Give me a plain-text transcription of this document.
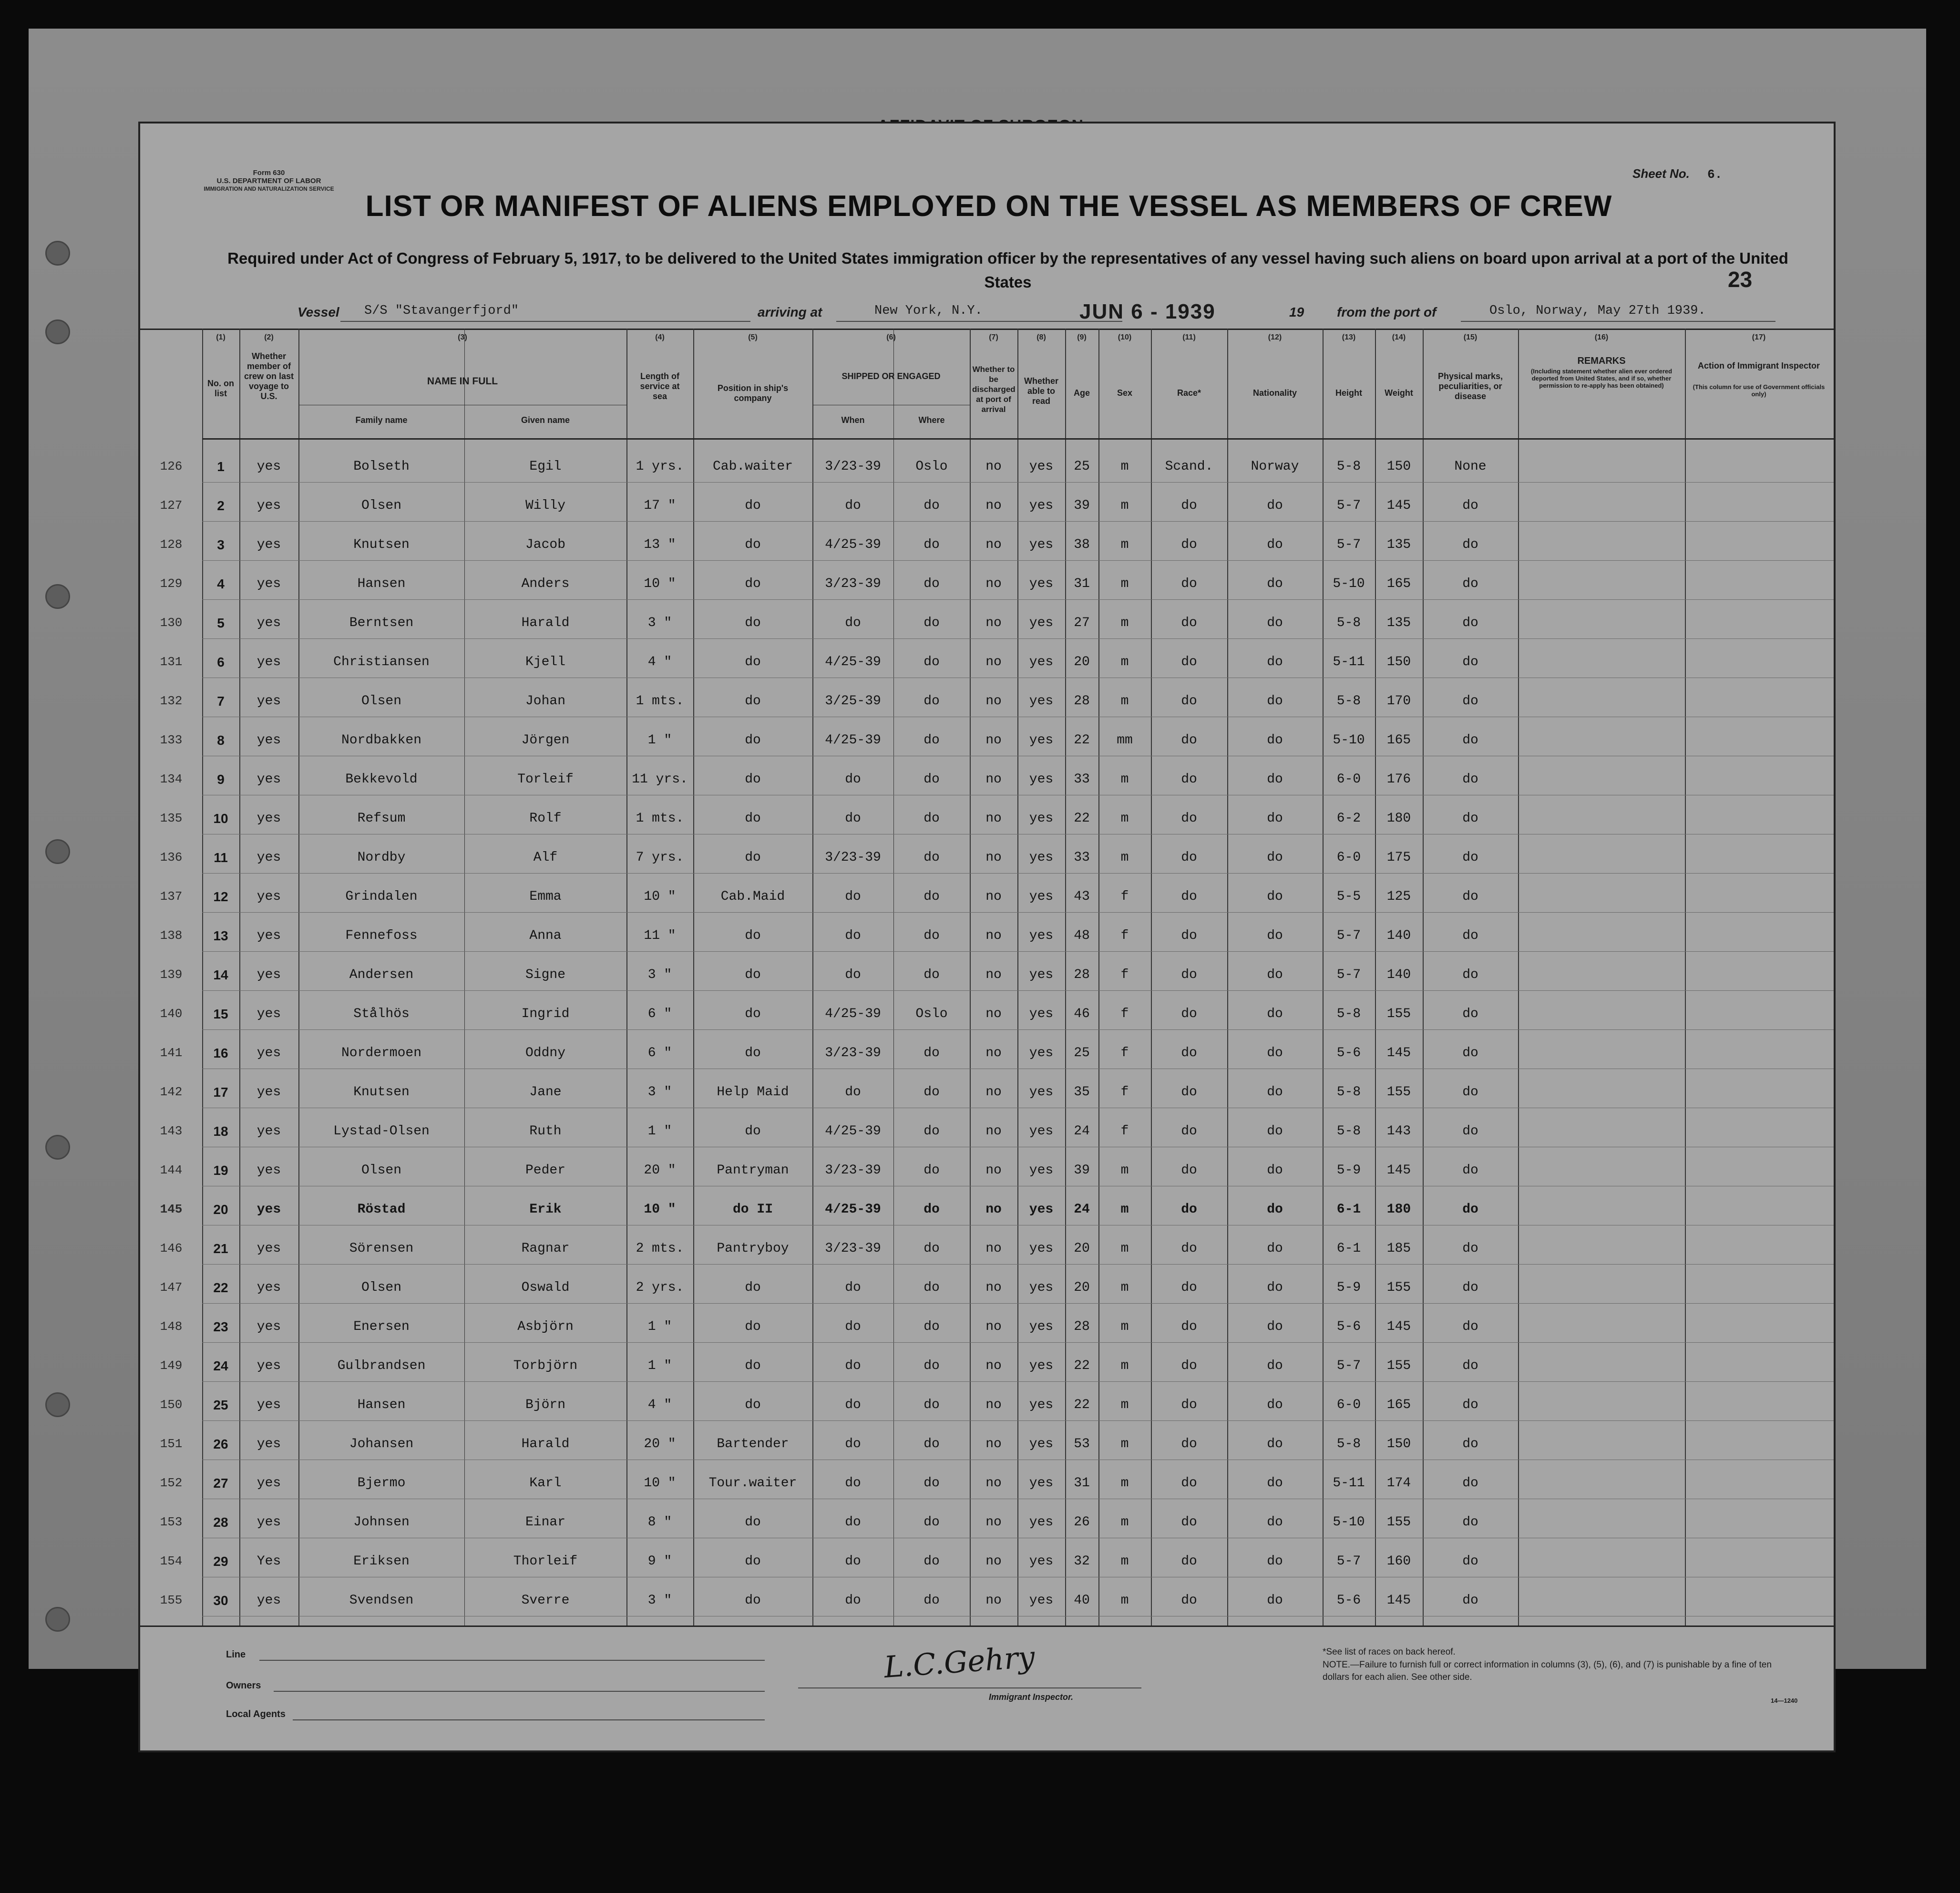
Form 630
U.S. DEPARTMENT OF LABOR
IMMIGRATION AND NATURALIZATION SERVICE
Sheet No. 6.
LIST OR MANIFEST OF ALIENS EMPLOYED ON THE VESSEL AS MEMBERS OF CREW
Required under Act of Congress of February 5, 1917, to be delivered to the United States immigration officer by the representatives of any vessel having such aliens on board upon arrival at a port of the United States	23
Vessel S/S "Stavangerfjord"	arriving at	New York, N.Y.	JUN 6 - 1939	19 from the port of	Oslo, Norway, May 27th 1939.
(1)	(2)	(3)	(4)	(5)	(6)	(7)	(8)	(9)	(10)	(11)	(12)	(13)	(14)	(15)	(16)	(17)
No. on list
Whether member of crew on last voyage to U.S.
NAME IN FULL
Family name	Given name
Length of service at sea
Position in ship's company
SHIPPED OR ENGAGED
When	Where
Whether to be discharged at port of arrival
Whether able to read
Age	Sex	Race*	Nationality	Height	Weight
Physical marks, peculiarities, or disease
REMARKS
(Including statement whether alien ever ordered deported from United States, and if so, whether permission to re-apply has been obtained)
Action of Immigrant Inspector
(This column for use of Government officials only)
126	1	yes	Bolseth	Egil	1 yrs.	Cab.waiter	3/23-39	Oslo	no	yes	25	m	Scand.	Norway	5-8	150	None
127	2	yes	Olsen	Willy	17 "	do	do	do	no	yes	39	m	do	do	5-7	145	do
128	3	yes	Knutsen	Jacob	13 "	do	4/25-39	do	no	yes	38	m	do	do	5-7	135	do
129	4	yes	Hansen	Anders	10 "	do	3/23-39	do	no	yes	31	m	do	do	5-10	165	do
130	5	yes	Berntsen	Harald	3 "	do	do	do	no	yes	27	m	do	do	5-8	135	do
131	6	yes	Christiansen	Kjell	4 "	do	4/25-39	do	no	yes	20	m	do	do	5-11	150	do
132	7	yes	Olsen	Johan	1 mts.	do	3/25-39	do	no	yes	28	m	do	do	5-8	170	do
133	8	yes	Nordbakken	Jörgen	1 "	do	4/25-39	do	no	yes	22	mm	do	do	5-10	165	do
134	9	yes	Bekkevold	Torleif	11 yrs.	do	do	do	no	yes	33	m	do	do	6-0	176	do
135	10	yes	Refsum	Rolf	1 mts.	do	do	do	no	yes	22	m	do	do	6-2	180	do
136	11	yes	Nordby	Alf	7 yrs.	do	3/23-39	do	no	yes	33	m	do	do	6-0	175	do
137	12	yes	Grindalen	Emma	10 "	Cab.Maid	do	do	no	yes	43	f	do	do	5-5	125	do
138	13	yes	Fennefoss	Anna	11 "	do	do	do	no	yes	48	f	do	do	5-7	140	do
139	14	yes	Andersen	Signe	3 "	do	do	do	no	yes	28	f	do	do	5-7	140	do
140	15	yes	Stålhös	Ingrid	6 "	do	4/25-39	Oslo	no	yes	46	f	do	do	5-8	155	do
141	16	yes	Nordermoen	Oddny	6 "	do	3/23-39	do	no	yes	25	f	do	do	5-6	145	do
142	17	yes	Knutsen	Jane	3 "	Help Maid	do	do	no	yes	35	f	do	do	5-8	155	do
143	18	yes	Lystad-Olsen	Ruth	1 "	do	4/25-39	do	no	yes	24	f	do	do	5-8	143	do
144	19	yes	Olsen	Peder	20 "	Pantryman	3/23-39	do	no	yes	39	m	do	do	5-9	145	do
145	20	yes	Röstad	Erik	10 "	do II	4/25-39	do	no	yes	24	m	do	do	6-1	180	do
146	21	yes	Sörensen	Ragnar	2 mts.	Pantryboy	3/23-39	do	no	yes	20	m	do	do	6-1	185	do
147	22	yes	Olsen	Oswald	2 yrs.	do	do	do	no	yes	20	m	do	do	5-9	155	do
148	23	yes	Enersen	Asbjörn	1 "	do	do	do	no	yes	28	m	do	do	5-6	145	do
149	24	yes	Gulbrandsen	Torbjörn	1 "	do	do	do	no	yes	22	m	do	do	5-7	155	do
150	25	yes	Hansen	Björn	4 "	do	do	do	no	yes	22	m	do	do	6-0	165	do
151	26	yes	Johansen	Harald	20 "	Bartender	do	do	no	yes	53	m	do	do	5-8	150	do
152	27	yes	Bjermo	Karl	10 "	Tour.waiter	do	do	no	yes	31	m	do	do	5-11	174	do
153	28	yes	Johnsen	Einar	8 "	do	do	do	no	yes	26	m	do	do	5-10	155	do
154	29	Yes	Eriksen	Thorleif	9 "	do	do	do	no	yes	32	m	do	do	5-7	160	do
155	30	yes	Svendsen	Sverre	3 "	do	do	do	no	yes	40	m	do	do	5-6	145	do
Line
Owners
Local Agents
L.C.Gehry
Immigrant Inspector.
*See list of races on back hereof.
NOTE.—Failure to furnish full or correct information in columns (3), (5), (6), and (7) is punishable by a fine of ten dollars for each alien. See other side.
14—1240
